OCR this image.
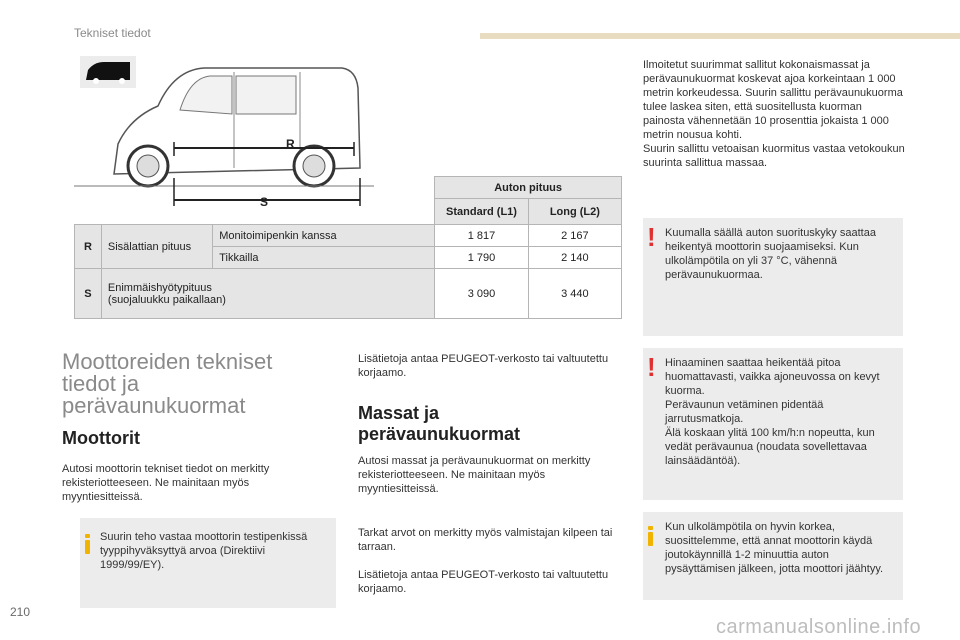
Tekniset tiedot
R
S
			Auton pituus	
			Standard (L1)	Long (L2)
R	Sisälattian pituus	Monitoimipenkin kanssa	1 817	2 167
		Tikkailla	1 790	2 140
S	Enimmäishyötypituus
(suojaluukku paikallaan)		3 090	3 440
Moottoreiden tekniset tiedot ja perävaunukuormat
Moottorit
Autosi moottorin tekniset tiedot on merkitty rekisteriotteeseen. Ne mainitaan myös myyntiesitteissä.
Suurin teho vastaa moottorin testipenkissä tyyppihyväksyttyä arvoa (Direktiivi 1999/99/EY).
Lisätietoja antaa PEUGEOT-verkosto tai valtuutettu korjaamo.
Massat ja perävaunukuormat
Autosi massat ja perävaunukuormat on merkitty rekisteriotteeseen. Ne mainitaan myös myyntiesitteissä.
Tarkat arvot on merkitty myös valmistajan kilpeen tai tarraan.
Lisätietoja antaa PEUGEOT-verkosto tai valtuutettu korjaamo.
Ilmoitetut suurimmat sallitut kokonaismassat ja perävaunukuormat koskevat ajoa korkeintaan 1 000 metrin korkeudessa. Suurin sallittu perävaunukuorma tulee laskea siten, että suositellusta kuorman painosta vähennetään 10 prosenttia jokaista 1 000 metrin nousua kohti.
Suurin sallittu vetoaisan kuormitus vastaa vetokoukun suurinta sallittua massaa.
! Kuumalla säällä auton suorituskyky saattaa heikentyä moottorin suojaamiseksi. Kun ulkolämpötila on yli 37 °C, vähennä perävaunukuormaa.
! Hinaaminen saattaa heikentää pitoa huomattavasti, vaikka ajoneuvossa on kevyt kuorma.
Perävaunun vetäminen pidentää jarrutusmatkoja.
Älä koskaan ylitä 100 km/h:n nopeutta, kun vedät perävaunua (noudata sovellettavaa lainsäädäntöä).
Kun ulkolämpötila on hyvin korkea, suosittelemme, että annat moottorin käydä joutokäynnillä 1-2 minuuttia auton pysäyttämisen jälkeen, jotta moottori jäähtyy.
210
carmanualsonline.info
